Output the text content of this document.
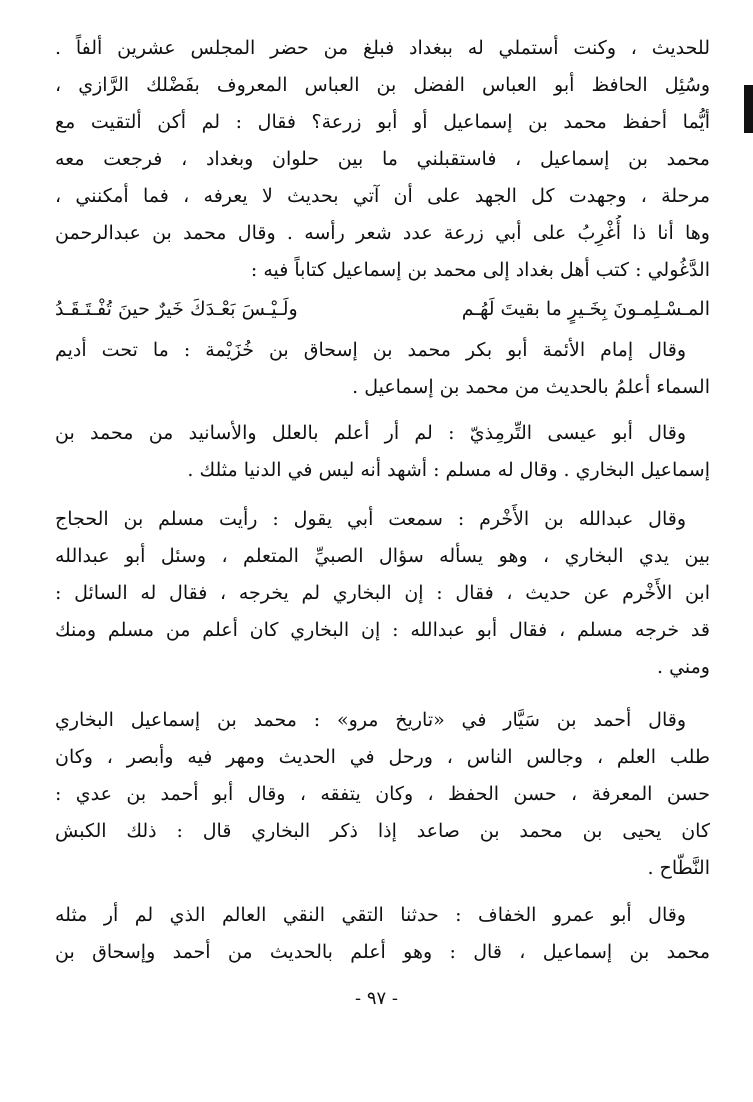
للحديث ، وكنت أستملي له ببغداد فبلغ من حضر المجلس عشرين ألفاً .
وسُئِل الحافظ أبو العباس الفضل بن العباس المعروف بفَضْلك الرَّازي ،
أيُّما أحفظ محمد بن إسماعيل أو أبو زرعة؟ فقال : لم أكن ألتقيت مع
محمد بن إسماعيل ، فاستقبلني ما بين حلوان وبغداد ، فرجعت معه
مرحلة ، وجهدت كل الجهد على أن آتي بحديث لا يعرفه ، فما أمكنني ،
وها أنا ذا أُغْرِبُ على أبي زرعة عدد شعر رأسه . وقال محمد بن عبدالرحمن
الدَّغُولي : كتب أهل بغداد إلى محمد بن إسماعيل كتاباً فيه :
المـسْـلِمـونَ بِخَـيرٍ ما بقيتَ لَهُـم
ولَـيْـسَ بَعْـدَكَ خَيرٌ حينَ تُفْـتَـقَـدُ
وقال إمام الأئمة أبو بكر محمد بن إسحاق بن خُزَيْمة : ما تحت أديم
السماء أعلمُ بالحديث من محمد بن إسماعيل .
وقال أبو عيسى التِّرمِذيّ : لم أر أعلم بالعلل والأسانيد من محمد بن
إسماعيل البخاري . وقال له مسلم : أشهد أنه ليس في الدنيا مثلك .
وقال عبدالله بن الأَخْرم : سمعت أبي يقول : رأيت مسلم بن الحجاج
بين يدي البخاري ، وهو يسأله سؤال الصبيِّ المتعلم ، وسئل أبو عبدالله
ابن الأَخْرم عن حديث ، فقال : إن البخاري لم يخرجه ، فقال له السائل :
قد خرجه مسلم ، فقال أبو عبدالله : إن البخاري كان أعلم من مسلم ومنك
ومني .
وقال أحمد بن سَيَّار في «تاريخ مرو» : محمد بن إسماعيل البخاري
طلب العلم ، وجالس الناس ، ورحل في الحديث ومهر فيه وأبصر ، وكان
حسن المعرفة ، حسن الحفظ ، وكان يتفقه ، وقال أبو أحمد بن عدي :
كان يحيى بن محمد بن صاعد إذا ذكر البخاري قال : ذلك الكبش
النَّطّاح .
وقال أبو عمرو الخفاف : حدثنا التقي النقي العالم الذي لم أر مثله
محمد بن إسماعيل ، قال : وهو أعلم بالحديث من أحمد وإسحاق بن
- ٩٧ -
